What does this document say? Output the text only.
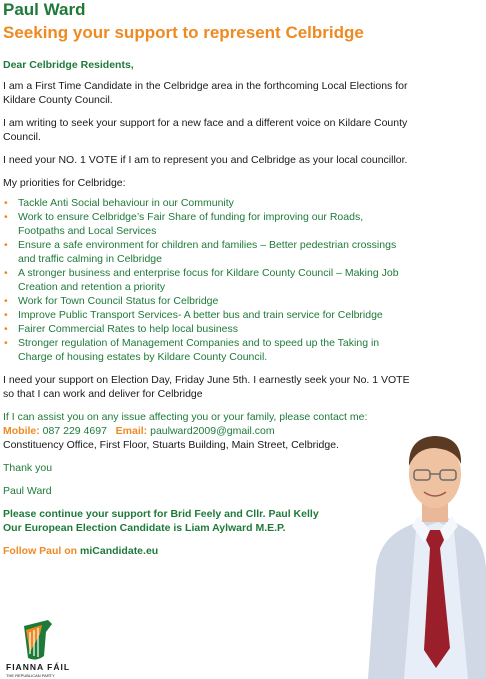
Paul Ward
Seeking your support to represent Celbridge

Dear Celbridge Residents,

I am a First Time Candidate in the Celbridge area in the forthcoming Local Elections for Kildare County Council.

I am writing to seek your support for a new face and a different voice on Kildare County Council.

I need your NO. 1 VOTE if I am to represent you and Celbridge as your local councillor.

My priorities for Celbridge:

• Tackle Anti Social behaviour in our Community
• Work to ensure Celbridge’s Fair Share of funding for improving our Roads, Footpaths and Local Services
• Ensure a safe environment for children and families – Better pedestrian crossings and traffic calming in Celbridge
• A stronger business and enterprise focus for Kildare County Council – Making Job Creation and retention a priority
• Work for Town Council Status for Celbridge
• Improve Public Transport Services- A better bus and train service for Celbridge
• Fairer Commercial Rates to help local business
• Stronger regulation of Management Companies and to speed up the Taking in Charge of housing estates by Kildare County Council.

I need your support on Election Day, Friday June 5th. I earnestly seek your No. 1 VOTE so that I can work and deliver for Celbridge

If I can assist you on any issue affecting you or your family, please contact me:

Mobile: 087 229 4697 Email: paulward2009@gmail.com

Constituency Office, First Floor, Stuarts Building, Main Street, Celbridge.

Thank you

Paul Ward

Please continue your support for Brid Feely and Cllr. Paul Kelly
Our European Election Candidate is Liam Aylward M.E.P.

Follow Paul on miCandidate.eu

FIANNA FÁIL
THE REPUBLICAN PARTY
